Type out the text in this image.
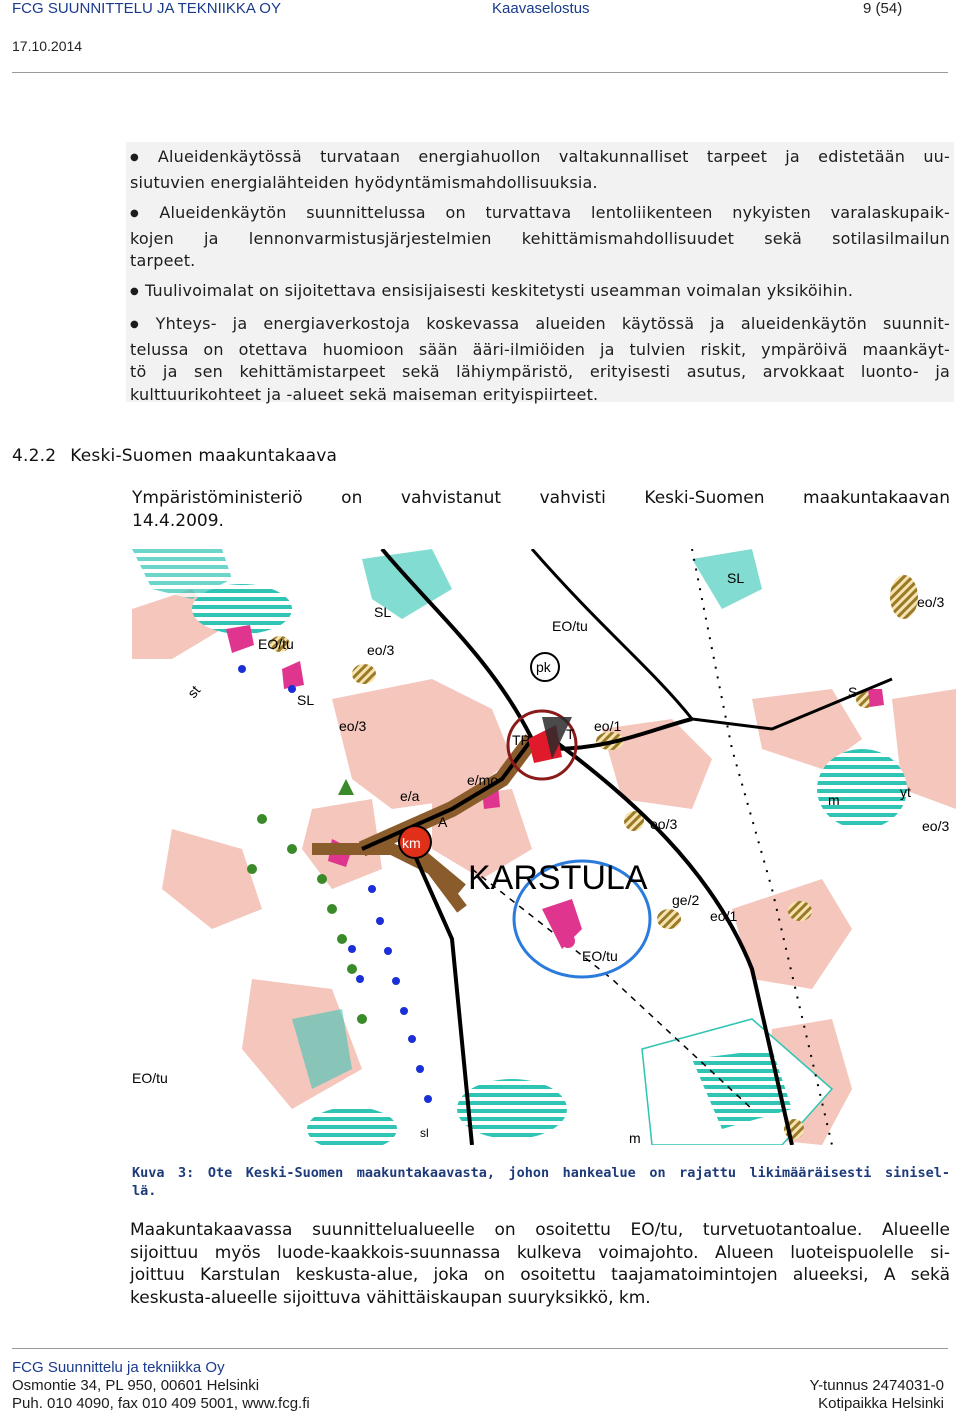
FCG SUUNNITTELU JA TEKNIIKKA OY	Kaavaselostus	9 (54)
17.10.2014
● Alueidenkäytössä turvataan energiahuollon valtakunnalliset tarpeet ja edistetään uu-
siutuvien energialähteiden hyödyntämismahdollisuuksia.
● Alueidenkäytön suunnittelussa on turvattava lentoliikenteen nykyisten varalaskupaik-
kojen ja lennonvarmistusjärjestelmien kehittämismahdollisuudet sekä sotilasilmailun
tarpeet.
● Tuulivoimalat on sijoitettava ensisijaisesti keskitetysti useamman voimalan yksiköihin.
● Yhteys- ja energiaverkostoja koskevassa alueiden käytössä ja alueidenkäytön suunnit-
telussa on otettava huomioon sään ääri-ilmiöiden ja tulvien riskit, ympäröivä maankäyt-
tö ja sen kehittämistarpeet sekä lähiympäristö, erityisesti asutus, arvokkaat luonto- ja
kulttuurikohteet ja -alueet sekä maiseman erityispiirteet.
4.2.2 Keski-Suomen maakuntakaava
Ympäristöministeriö on vahvistanut vahvisti Keski-Suomen maakuntakaavan
14.4.2009.
SL
SL
SL
EO/tu
EO/tu
EO/tu
EO/tu
eo/3
eo/3
eo/3
eo/3	eo/3
eo/1
eo/1
pk
TP	T
st	S
e/mo
e/a
A
km
KARSTULA
ge/2
m
m
yt
sl
Kuva 3: Ote Keski-Suomen maakuntakaavasta, johon hankealue on rajattu likimääräisesti sinisel-
lä.
Maakuntakaavassa suunnittelualueelle on osoitettu EO/tu, turvetuotantoalue. Alueelle
sijoittuu myös luode-kaakkois-suunnassa kulkeva voimajohto. Alueen luoteispuolelle si-
joittuu Karstulan keskusta-alue, joka on osoitettu taajamatoimintojen alueeksi, A sekä
keskusta-alueelle sijoittuva vähittäiskaupan suuryksikkö, km.
FCG Suunnittelu ja tekniikka Oy
Osmontie 34, PL 950, 00601 Helsinki
Puh. 010 4090, fax 010 409 5001, www.fcg.fi
Y-tunnus 2474031-0
Kotipaikka Helsinki
